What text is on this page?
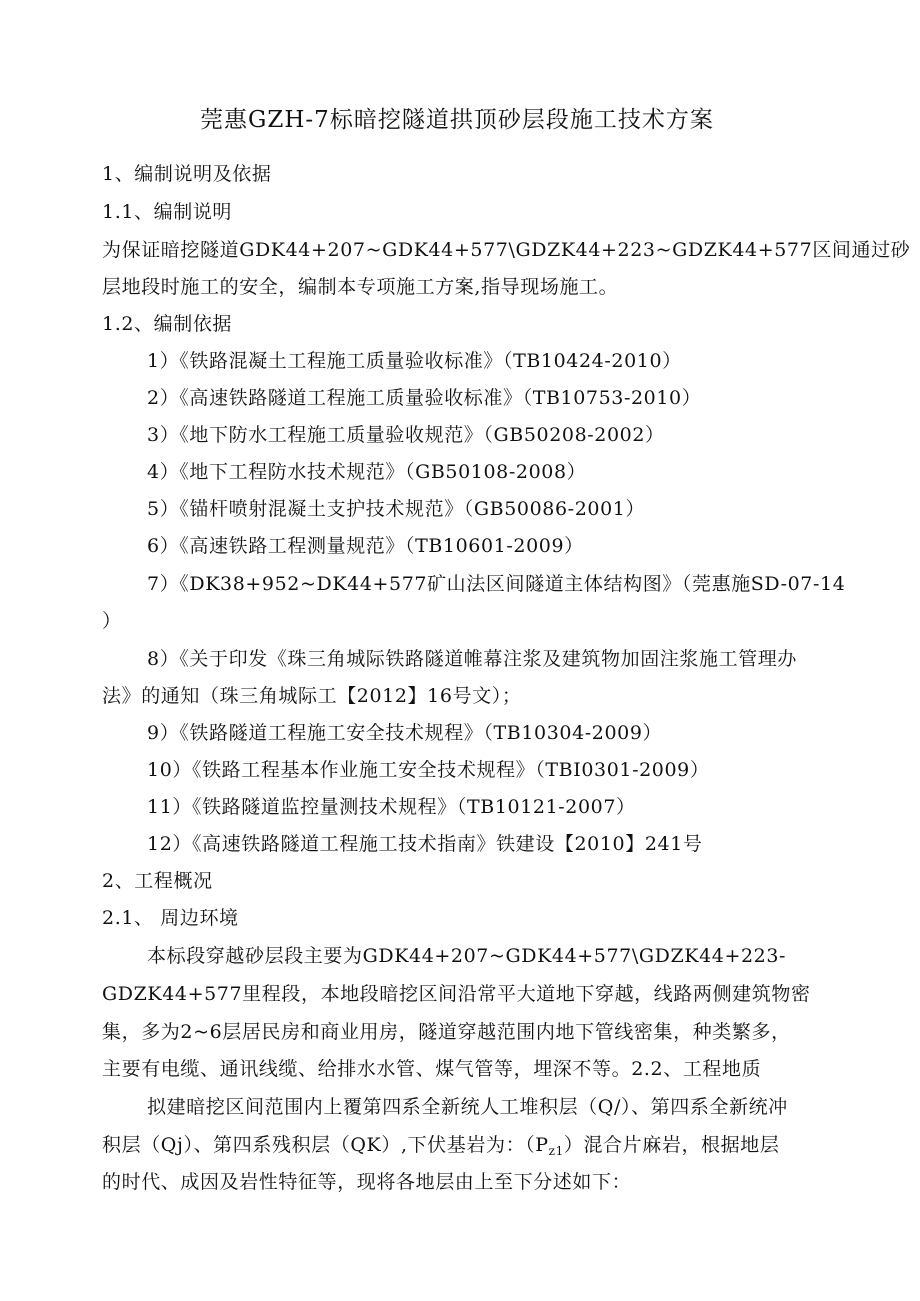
莞惠GZH-7标暗挖隧道拱顶砂层段施工技术方案
1、编制说明及依据
1.1、编制说明
为保证暗挖隧道GDK44+207~GDK44+577\GDZK44+223~GDZK44+577区间通过砂
层地段时施工的安全，编制本专项施工方案,指导现场施工。
1.2、编制依据
1）《铁路混凝土工程施工质量验收标准》（TB10424-2010）
2）《高速铁路隧道工程施工质量验收标准》（TB10753-2010）
3）《地下防水工程施工质量验收规范》（GB50208-2002）
4）《地下工程防水技术规范》（GB50108-2008）
5）《锚杆喷射混凝土支护技术规范》（GB50086-2001）
6）《高速铁路工程测量规范》（TB10601-2009）
7）《DK38+952~DK44+577矿山法区间隧道主体结构图》（莞惠施SD-07-14
）
8）《关于印发《珠三角城际铁路隧道帷幕注浆及建筑物加固注浆施工管理办
法》的通知（珠三角城际工【2012】16号文）；
9）《铁路隧道工程施工安全技术规程》（TB10304-2009）
10）《铁路工程基本作业施工安全技术规程》（TBI0301-2009）
11）《铁路隧道监控量测技术规程》（TB10121-2007）
12）《高速铁路隧道工程施工技术指南》铁建设【2010】241号
2、工程概况
2.1、 周边环境
本标段穿越砂层段主要为GDK44+207~GDK44+577\GDZK44+223-
GDZK44+577里程段，本地段暗挖区间沿常平大道地下穿越，线路两侧建筑物密
集，多为2~6层居民房和商业用房，隧道穿越范围内地下管线密集，种类繁多，
主要有电缆、通讯线缆、给排水水管、煤气管等，埋深不等。2.2、工程地质
拟建暗挖区间范围内上覆第四系全新统人工堆积层（Q/）、第四系全新统冲
积层（Qj）、第四系残积层（QK）,下伏基岩为：$(P_{z1})$混合片麻岩，根据地层
的时代、成因及岩性特征等，现将各地层由上至下分述如下：
